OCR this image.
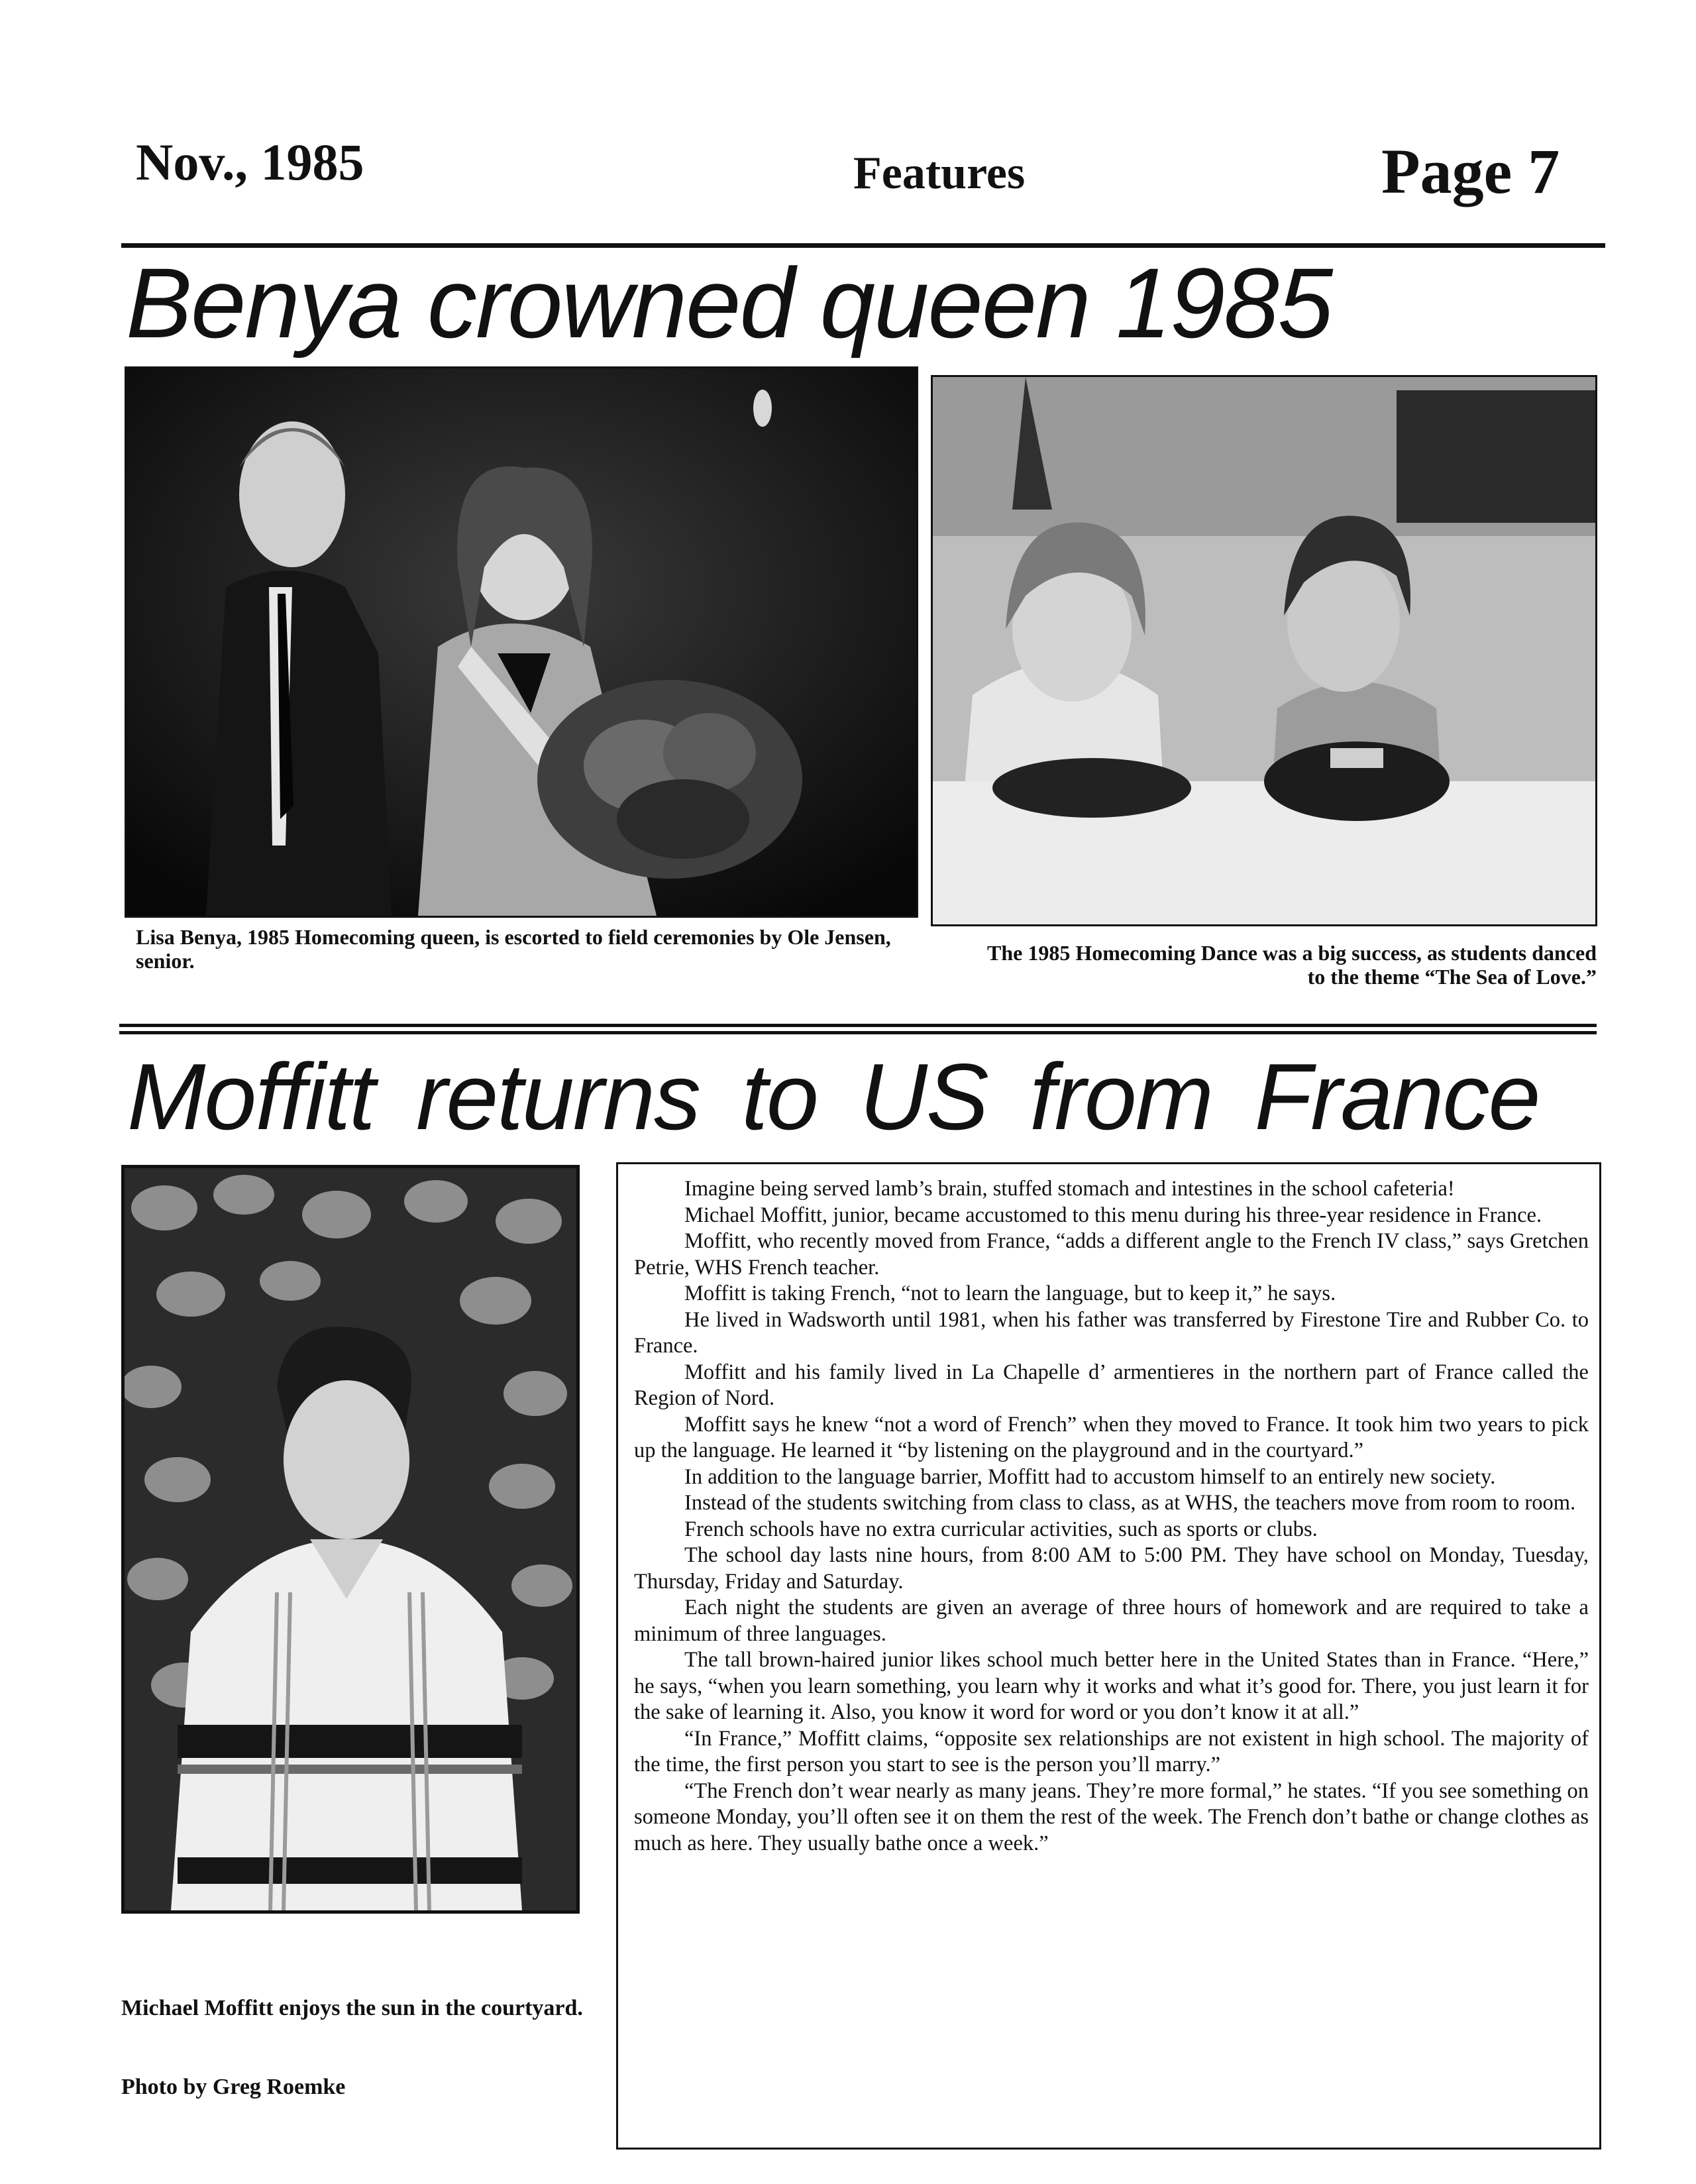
Nov., 1985	Features	Page 7
Benya crowned queen 1985
Lisa Benya, 1985 Homecoming queen, is escorted to field ceremonies by Ole Jensen, senior.	The 1985 Homecoming Dance was a big success, as students danced to the theme “The Sea of Love.”
Moffitt returns to US from France
Michael Moffitt enjoys the sun in the courtyard.
Photo by Greg Roemke

Imagine being served lamb’s brain, stuffed stomach and intestines in the school cafeteria!

Michael Moffitt, junior, became accustomed to this menu during his three-year residence in France.

Moffitt, who recently moved from France, “adds a different angle to the French IV class,” says Gretchen Petrie, WHS French teacher.

Moffitt is taking French, “not to learn the language, but to keep it,” he says.

He lived in Wadsworth until 1981, when his father was transferred by Firestone Tire and Rubber Co. to France.

Moffitt and his family lived in La Chapelle d’ armentieres in the northern part of France called the Region of Nord.

Moffitt says he knew “not a word of French” when they moved to France. It took him two years to pick up the language. He learned it “by listening on the playground and in the courtyard.”

In addition to the language barrier, Moffitt had to accustom himself to an entirely new society.

Instead of the students switching from class to class, as at WHS, the teachers move from room to room.

French schools have no extra curricular activities, such as sports or clubs.

The school day lasts nine hours, from 8:00 AM to 5:00 PM. They have school on Monday, Tuesday, Thursday, Friday and Saturday.

Each night the students are given an average of three hours of homework and are required to take a minimum of three languages.

The tall brown-haired junior likes school much better here in the United States than in France. “Here,” he says, “when you learn something, you learn why it works and what it’s good for. There, you just learn it for the sake of learning it. Also, you know it word for word or you don’t know it at all.”

“In France,” Moffitt claims, “opposite sex relationships are not existent in high school. The majority of the time, the first person you start to see is the person you’ll marry.”

“The French don’t wear nearly as many jeans. They’re more formal,” he states. “If you see something on someone Monday, you’ll often see it on them the rest of the week. The French don’t bathe or change clothes as much as here. They usually bathe once a week.”
